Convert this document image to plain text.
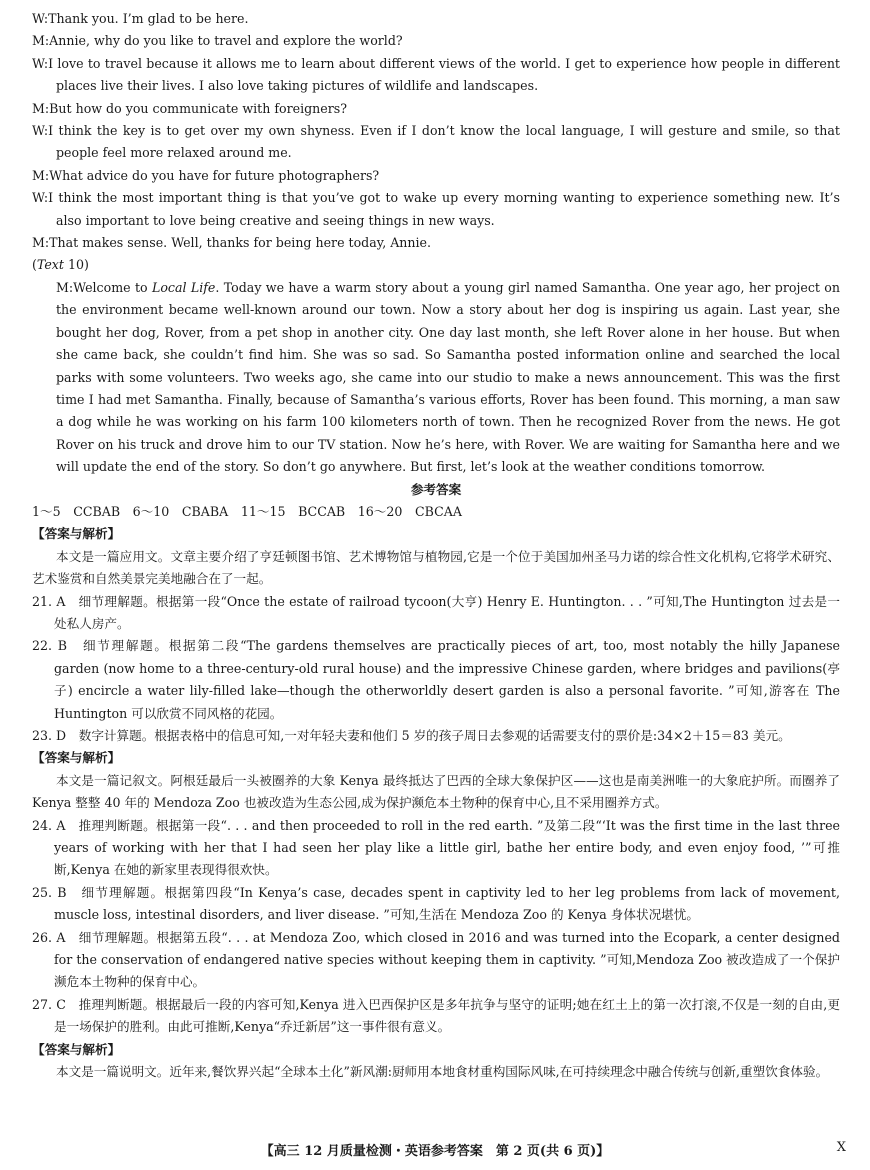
W:Thank you. I’m glad to be here.
M:Annie, why do you like to travel and explore the world?
W:I love to travel because it allows me to learn about different views of the world. I get to experience how people in different places live their lives. I also love taking pictures of wildlife and landscapes.
M:But how do you communicate with foreigners?
W:I think the key is to get over my own shyness. Even if I don’t know the local language, I will gesture and smile, so that people feel more relaxed around me.
M:What advice do you have for future photographers?
W:I think the most important thing is that you’ve got to wake up every morning wanting to experience something new. It’s also important to love being creative and seeing things in new ways.
M:That makes sense. Well, thanks for being here today, Annie.
(Text 10)
M:Welcome to Local Life. Today we have a warm story about a young girl named Samantha. One year ago, her project on the environment became well-known around our town. Now a story about her dog is inspiring us again. Last year, she bought her dog, Rover, from a pet shop in another city. One day last month, she left Rover alone in her house. But when she came back, she couldn’t find him. She was so sad. So Samantha posted information online and searched the local parks with some volunteers. Two weeks ago, she came into our studio to make a news announcement. This was the first time I had met Samantha. Finally, because of Samantha’s various efforts, Rover has been found. This morning, a man saw a dog while he was working on his farm 100 kilometers north of town. Then he recognized Rover from the news. He got Rover on his truck and drove him to our TV station. Now he’s here, with Rover. We are waiting for Samantha here and we will update the end of the story. So don’t go anywhere. But first, let’s look at the weather conditions tomorrow.
参考答案
1～5　CCBAB　6～10　CBABA　11～15　BCCAB　16～20　CBCAA
【答案与解析】
本文是一篇应用文。文章主要介绍了亨廷顿图书馆、艺术博物馆与植物园,它是一个位于美国加州圣马力诺的综合性文化机构,它将学术研究、艺术鉴赏和自然美景完美地融合在了一起。
21. A　细节理解题。根据第一段“Once the estate of railroad tycoon(大亨) Henry E. Huntington. . . ”可知,The Huntington 过去是一处私人房产。
22. B　细节理解题。根据第二段“The gardens themselves are practically pieces of art, too, most notably the hilly Japanese garden (now home to a three-century-old rural house) and the impressive Chinese garden, where bridges and pavilions(亭子) encircle a water lily-filled lake—though the otherworldly desert garden is also a personal favorite. ”可知,游客在 The Huntington 可以欣赏不同风格的花园。
23. D　数字计算题。根据表格中的信息可知,一对年轻夫妻和他们 5 岁的孩子周日去参观的话需要支付的票价是:34×2＋15＝83 美元。
【答案与解析】
本文是一篇记叙文。阿根廷最后一头被圈养的大象 Kenya 最终抵达了巴西的全球大象保护区——这也是南美洲唯一的大象庇护所。而圈养了 Kenya 整整 40 年的 Mendoza Zoo 也被改造为生态公园,成为保护濒危本土物种的保育中心,且不采用圈养方式。
24. A　推理判断题。根据第一段“. . . and then proceeded to roll in the red earth. ”及第二段“‘It was the first time in the last three years of working with her that I had seen her play like a little girl, bathe her entire body, and even enjoy food, ’”可推断,Kenya 在她的新家里表现得很欢快。
25. B　细节理解题。根据第四段“In Kenya’s case, decades spent in captivity led to her leg problems from lack of movement, muscle loss, intestinal disorders, and liver disease. ”可知,生活在 Mendoza Zoo 的 Kenya 身体状况堪忧。
26. A　细节理解题。根据第五段“. . . at Mendoza Zoo, which closed in 2016 and was turned into the Ecopark, a center designed for the conservation of endangered native species without keeping them in captivity. ”可知,Mendoza Zoo 被改造成了一个保护濒危本土物种的保育中心。
27. C　推理判断题。根据最后一段的内容可知,Kenya 进入巴西保护区是多年抗争与坚守的证明;她在红土上的第一次打滚,不仅是一刻的自由,更是一场保护的胜利。由此可推断,Kenya“乔迁新居”这一事件很有意义。
【答案与解析】
本文是一篇说明文。近年来,餐饮界兴起“全球本土化”新风潮:厨师用本地食材重构国际风味,在可持续理念中融合传统与创新,重塑饮食体验。
【高三 12 月质量检测・英语参考答案　第 2 页(共 6 页)】	X
